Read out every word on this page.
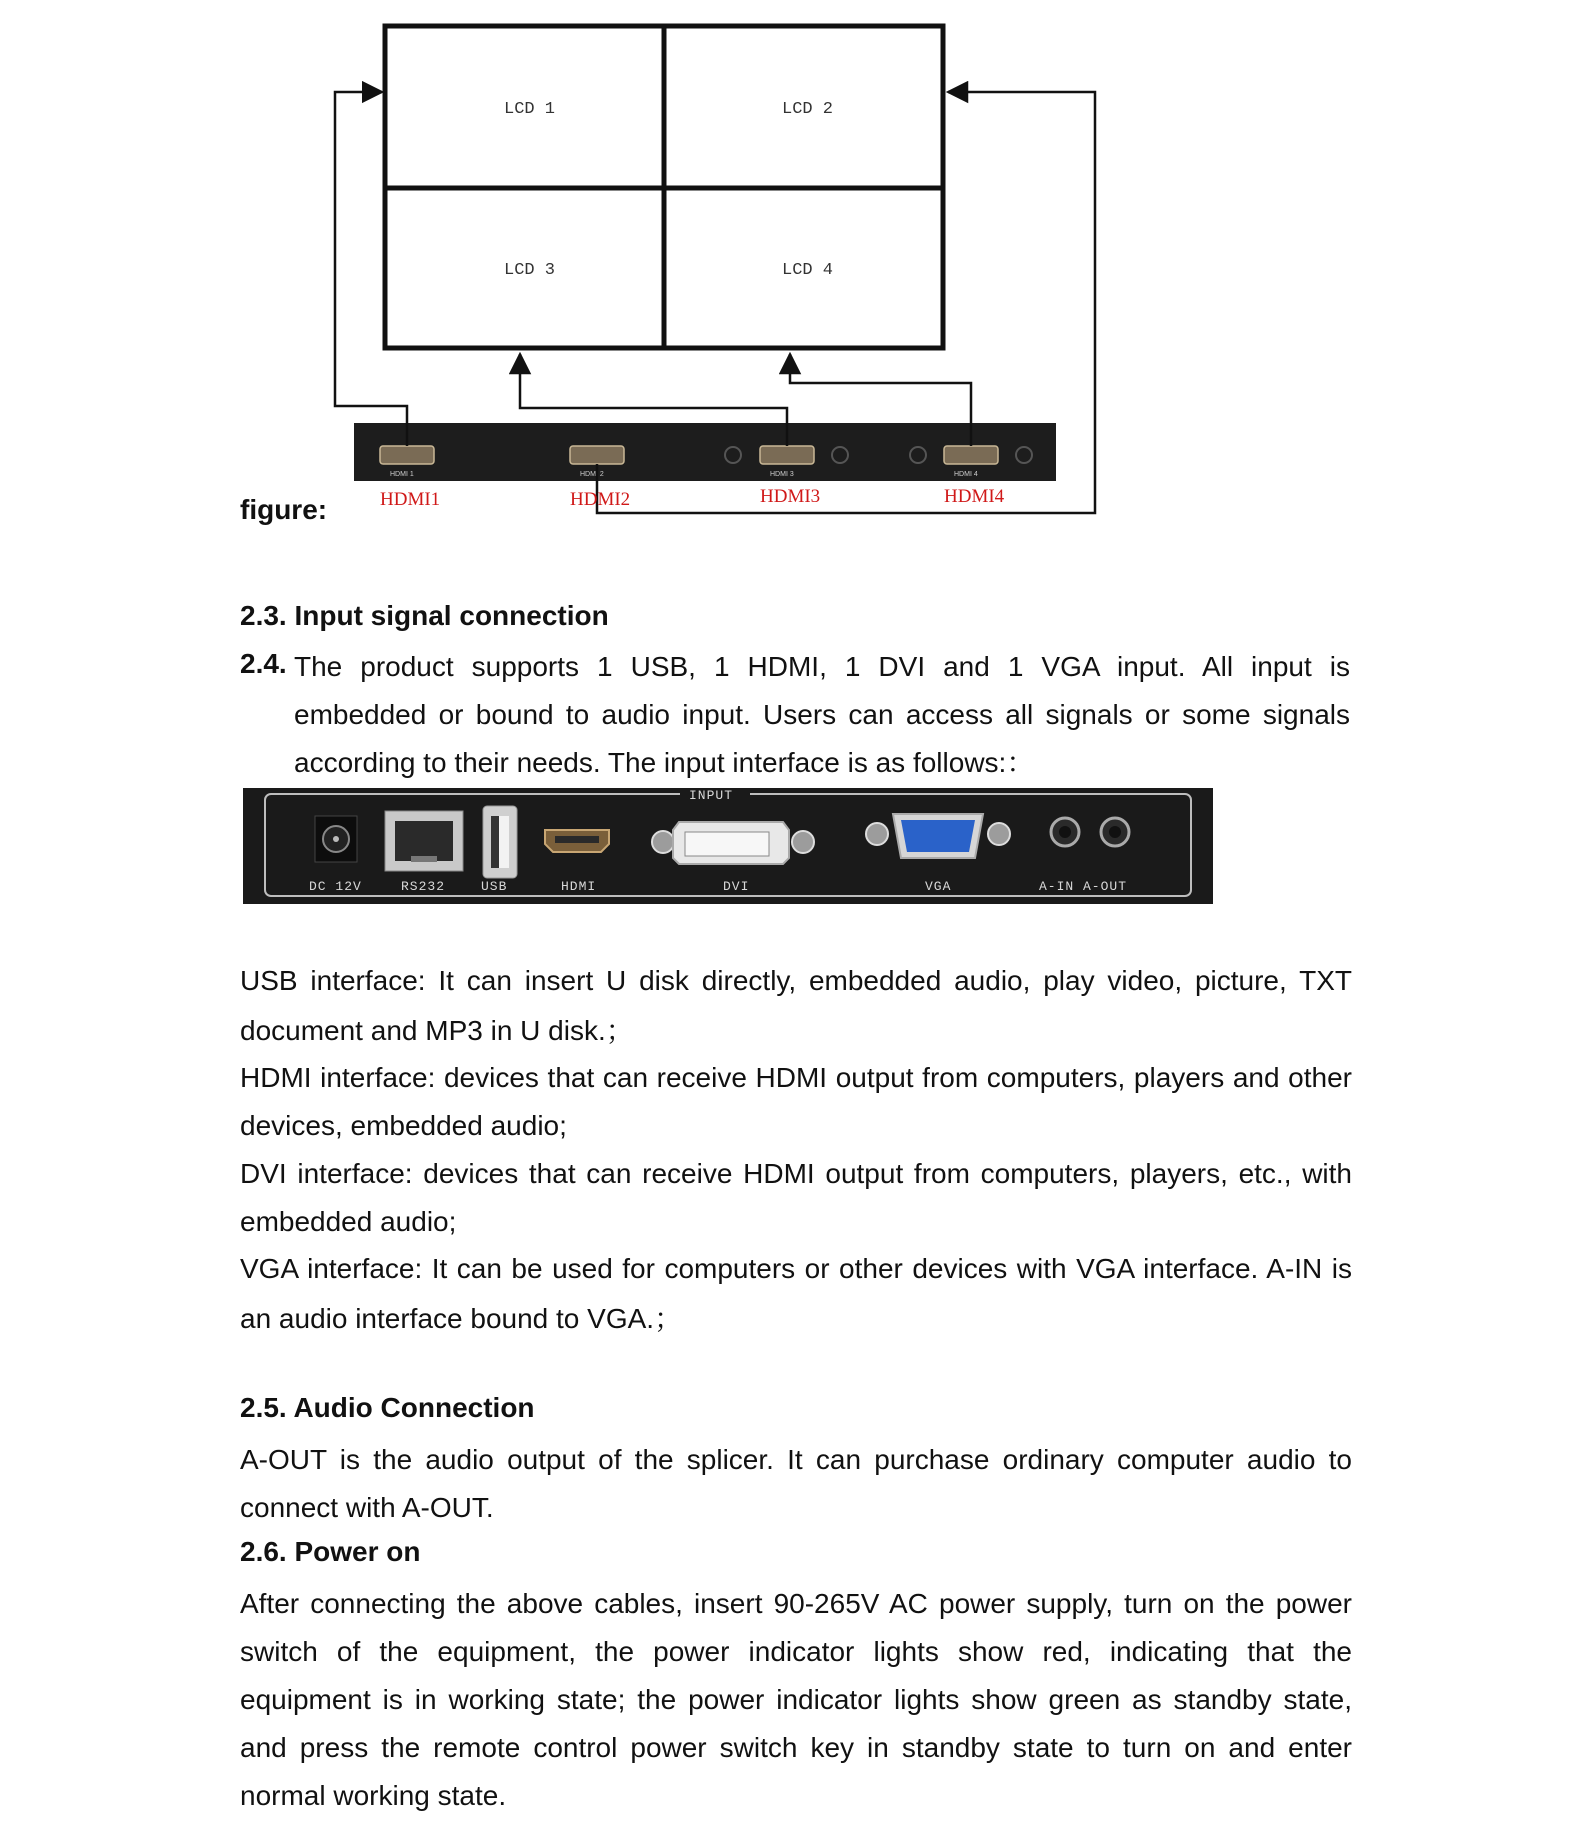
LCD 1	LCD 2
LCD 3	LCD 4
HDMI 1	HDMI 2	HDMI 3	HDMI 4
HDMI1	HDMI2	HDMI3	HDMI4
figure:
2.3. Input signal connection
2.4. The product supports 1 USB, 1 HDMI, 1 DVI and 1 VGA input. All input is
embedded or bound to audio input. Users can access all signals or some signals
according to their needs. The input interface is as follows:：
INPUT
DC 12V	RS232	USB	HDMI	DVI	VGA	A-IN A-OUT
USB interface: It can insert U disk directly, embedded audio, play video, picture, TXT document and MP3 in U disk.；
HDMI interface: devices that can receive HDMI output from computers, players and other devices, embedded audio;
DVI interface: devices that can receive HDMI output from computers, players, etc., with embedded audio;
VGA interface: It can be used for computers or other devices with VGA interface. A-IN is an audio interface bound to VGA.；
2.5. Audio Connection
A-OUT is the audio output of the splicer. It can purchase ordinary computer audio to connect with A-OUT.
2.6. Power on
After connecting the above cables, insert 90-265V AC power supply, turn on the power switch of the equipment, the power indicator lights show red, indicating that the equipment is in working state; the power indicator lights show green as standby state, and press the remote control power switch key in standby state to turn on and enter normal working state.
